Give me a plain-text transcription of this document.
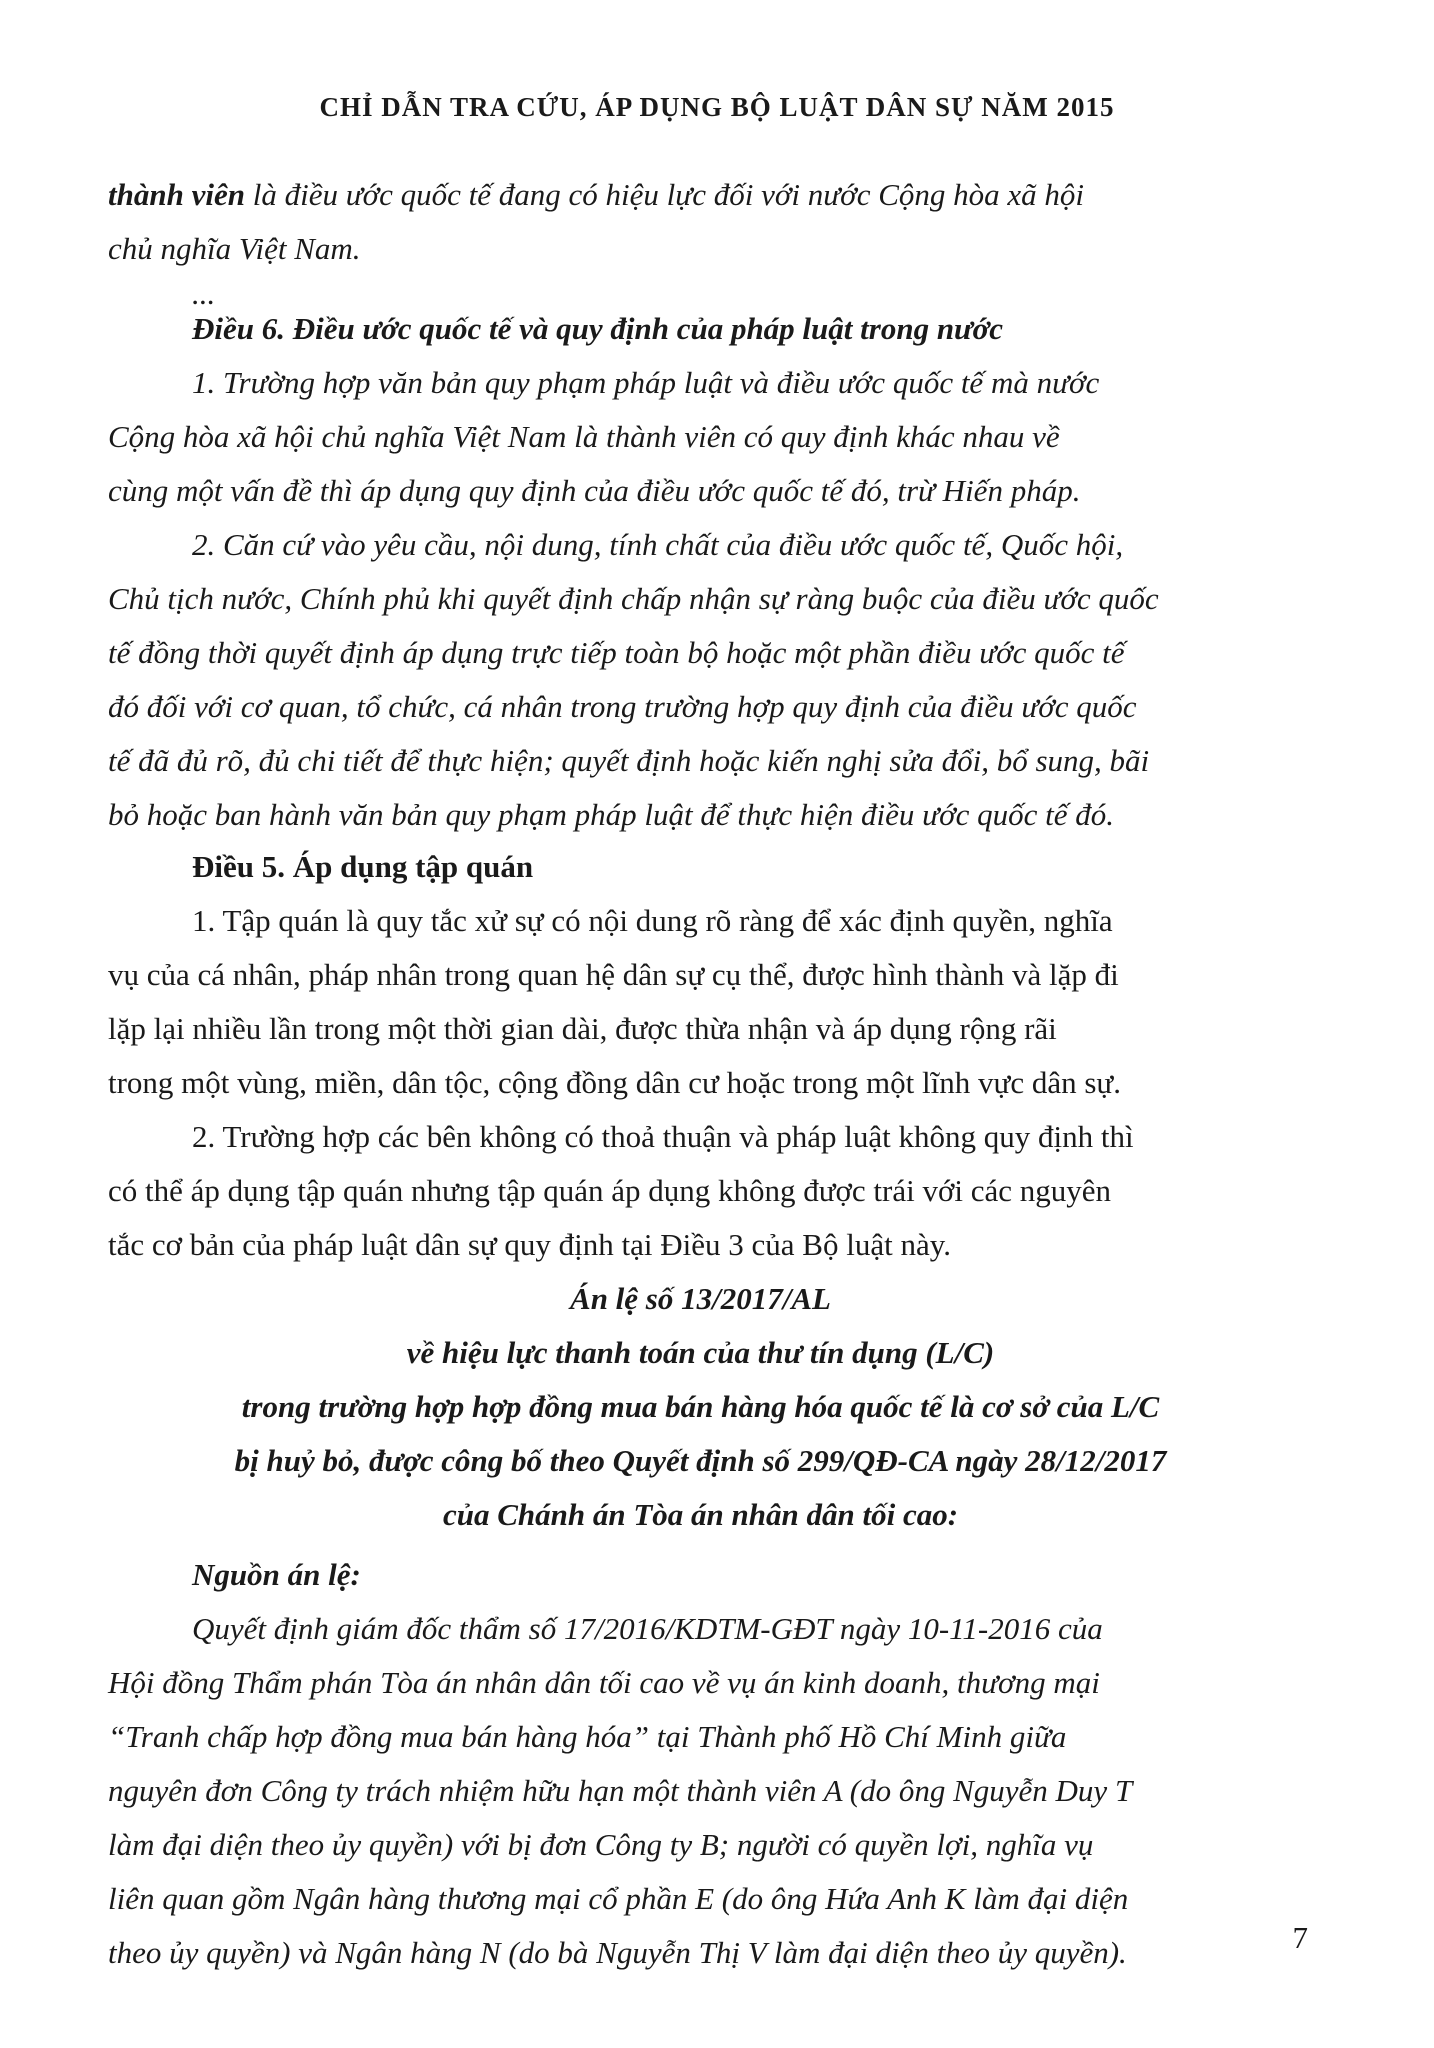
CHỈ DẪN TRA CỨU, ÁP DỤNG BỘ LUẬT DÂN SỰ NĂM 2015
thành viên là điều ước quốc tế đang có hiệu lực đối với nước Cộng hòa xã hội
chủ nghĩa Việt Nam.
...
Điều 6. Điều ước quốc tế và quy định của pháp luật trong nước
1. Trường hợp văn bản quy phạm pháp luật và điều ước quốc tế mà nước
Cộng hòa xã hội chủ nghĩa Việt Nam là thành viên có quy định khác nhau về
cùng một vấn đề thì áp dụng quy định của điều ước quốc tế đó, trừ Hiến pháp.
2. Căn cứ vào yêu cầu, nội dung, tính chất của điều ước quốc tế, Quốc hội,
Chủ tịch nước, Chính phủ khi quyết định chấp nhận sự ràng buộc của điều ước quốc
tế đồng thời quyết định áp dụng trực tiếp toàn bộ hoặc một phần điều ước quốc tế
đó đối với cơ quan, tổ chức, cá nhân trong trường hợp quy định của điều ước quốc
tế đã đủ rõ, đủ chi tiết để thực hiện; quyết định hoặc kiến nghị sửa đổi, bổ sung, bãi
bỏ hoặc ban hành văn bản quy phạm pháp luật để thực hiện điều ước quốc tế đó.
Điều 5. Áp dụng tập quán
1. Tập quán là quy tắc xử sự có nội dung rõ ràng để xác định quyền, nghĩa
vụ của cá nhân, pháp nhân trong quan hệ dân sự cụ thể, được hình thành và lặp đi
lặp lại nhiều lần trong một thời gian dài, được thừa nhận và áp dụng rộng rãi
trong một vùng, miền, dân tộc, cộng đồng dân cư hoặc trong một lĩnh vực dân sự.
2. Trường hợp các bên không có thoả thuận và pháp luật không quy định thì
có thể áp dụng tập quán nhưng tập quán áp dụng không được trái với các nguyên
tắc cơ bản của pháp luật dân sự quy định tại Điều 3 của Bộ luật này.
Án lệ số 13/2017/AL
về hiệu lực thanh toán của thư tín dụng (L/C)
trong trường hợp hợp đồng mua bán hàng hóa quốc tế là cơ sở của L/C
bị huỷ bỏ, được công bố theo Quyết định số 299/QĐ-CA ngày 28/12/2017
của Chánh án Tòa án nhân dân tối cao:
Nguồn án lệ:
Quyết định giám đốc thẩm số 17/2016/KDTM-GĐT ngày 10-11-2016 của
Hội đồng Thẩm phán Tòa án nhân dân tối cao về vụ án kinh doanh, thương mại
“Tranh chấp hợp đồng mua bán hàng hóa” tại Thành phố Hồ Chí Minh giữa
nguyên đơn Công ty trách nhiệm hữu hạn một thành viên A (do ông Nguyễn Duy T
làm đại diện theo ủy quyền) với bị đơn Công ty B; người có quyền lợi, nghĩa vụ
liên quan gồm Ngân hàng thương mại cổ phần E (do ông Hứa Anh K làm đại diện
theo ủy quyền) và Ngân hàng N (do bà Nguyễn Thị V làm đại diện theo ủy quyền).	7
